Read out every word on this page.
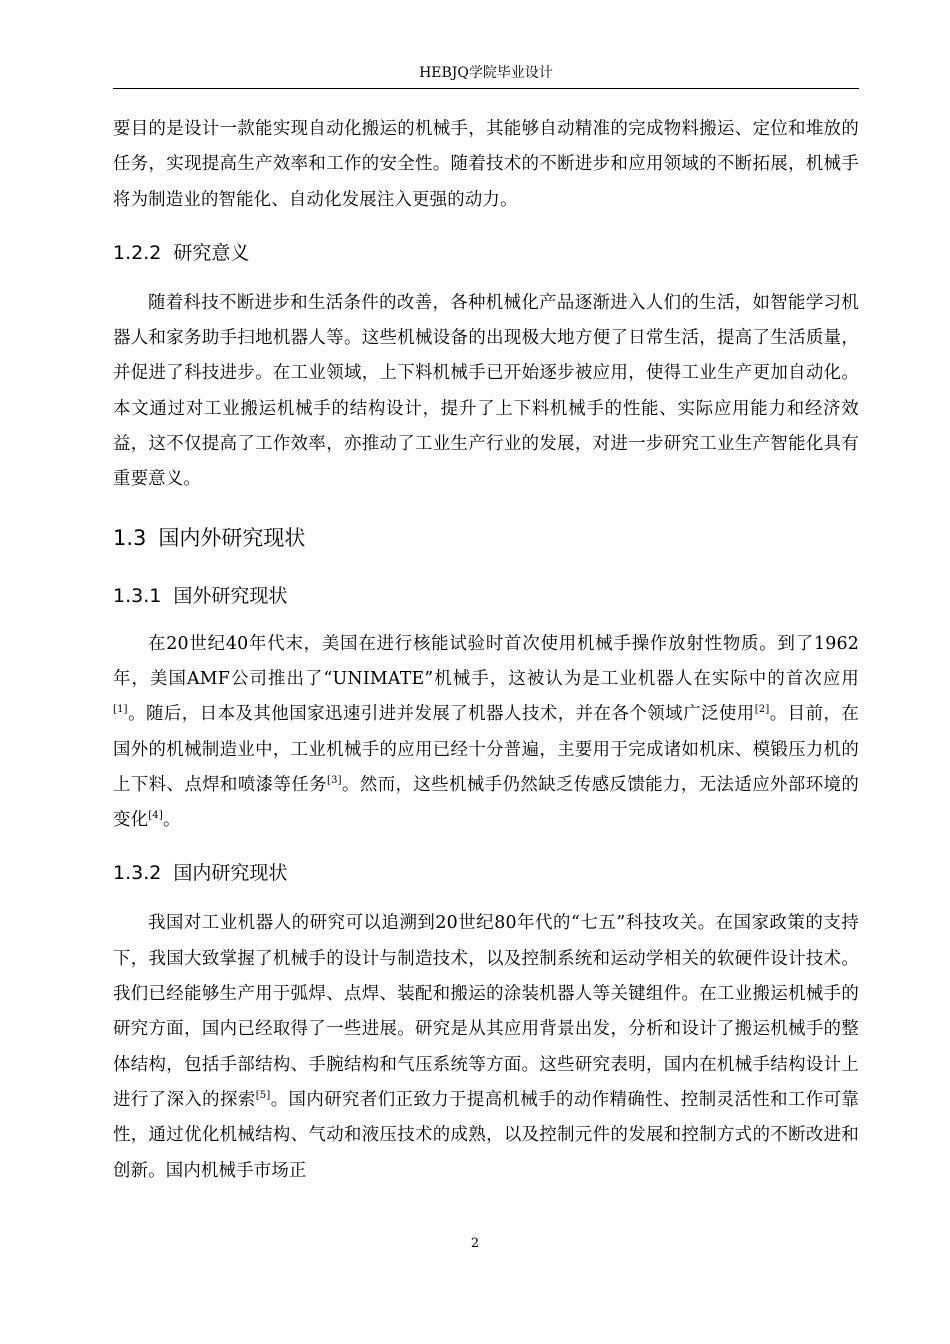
HEBJQ学院毕业设计

要目的是设计一款能实现自动化搬运的机械手，其能够自动精准的完成物料搬运、定位和堆放的任务，实现提高生产效率和工作的安全性。随着技术的不断进步和应用领域的不断拓展，机械手将为制造业的智能化、自动化发展注入更强的动力。

1.2.2 研究意义

随着科技不断进步和生活条件的改善，各种机械化产品逐渐进入人们的生活，如智能学习机器人和家务助手扫地机器人等。这些机械设备的出现极大地方便了日常生活，提高了生活质量，并促进了科技进步。在工业领域，上下料机械手已开始逐步被应用，使得工业生产更加自动化。本文通过对工业搬运机械手的结构设计，提升了上下料机械手的性能、实际应用能力和经济效益，这不仅提高了工作效率，亦推动了工业生产行业的发展，对进一步研究工业生产智能化具有重要意义。

1.3 国内外研究现状
1.3.1 国外研究现状

在20世纪40年代末，美国在进行核能试验时首次使用机械手操作放射性物质。到了1962年，美国AMF公司推出了“UNIMATE”机械手，这被认为是工业机器人在实际中的首次应用[1]。随后，日本及其他国家迅速引进并发展了机器人技术，并在各个领域广泛使用[2]。目前，在国外的机械制造业中，工业机械手的应用已经十分普遍，主要用于完成诸如机床、模锻压力机的上下料、点焊和喷漆等任务[3]。然而，这些机械手仍然缺乏传感反馈能力，无法适应外部环境的变化[4]。

1.3.2 国内研究现状

我国对工业机器人的研究可以追溯到20世纪80年代的“七五”科技攻关。在国家政策的支持下，我国大致掌握了机械手的设计与制造技术，以及控制系统和运动学相关的软硬件设计技术。我们已经能够生产用于弧焊、点焊、装配和搬运的涂装机器人等关键组件。在工业搬运机械手的研究方面，国内已经取得了一些进展。研究是从其应用背景出发，分析和设计了搬运机械手的整体结构，包括手部结构、手腕结构和气压系统等方面。这些研究表明，国内在机械手结构设计上进行了深入的探索[5]。国内研究者们正致力于提高机械手的动作精确性、控制灵活性和工作可靠性，通过优化机械结构、气动和液压技术的成熟，以及控制元件的发展和控制方式的不断改进和创新。国内机械手市场正

2
